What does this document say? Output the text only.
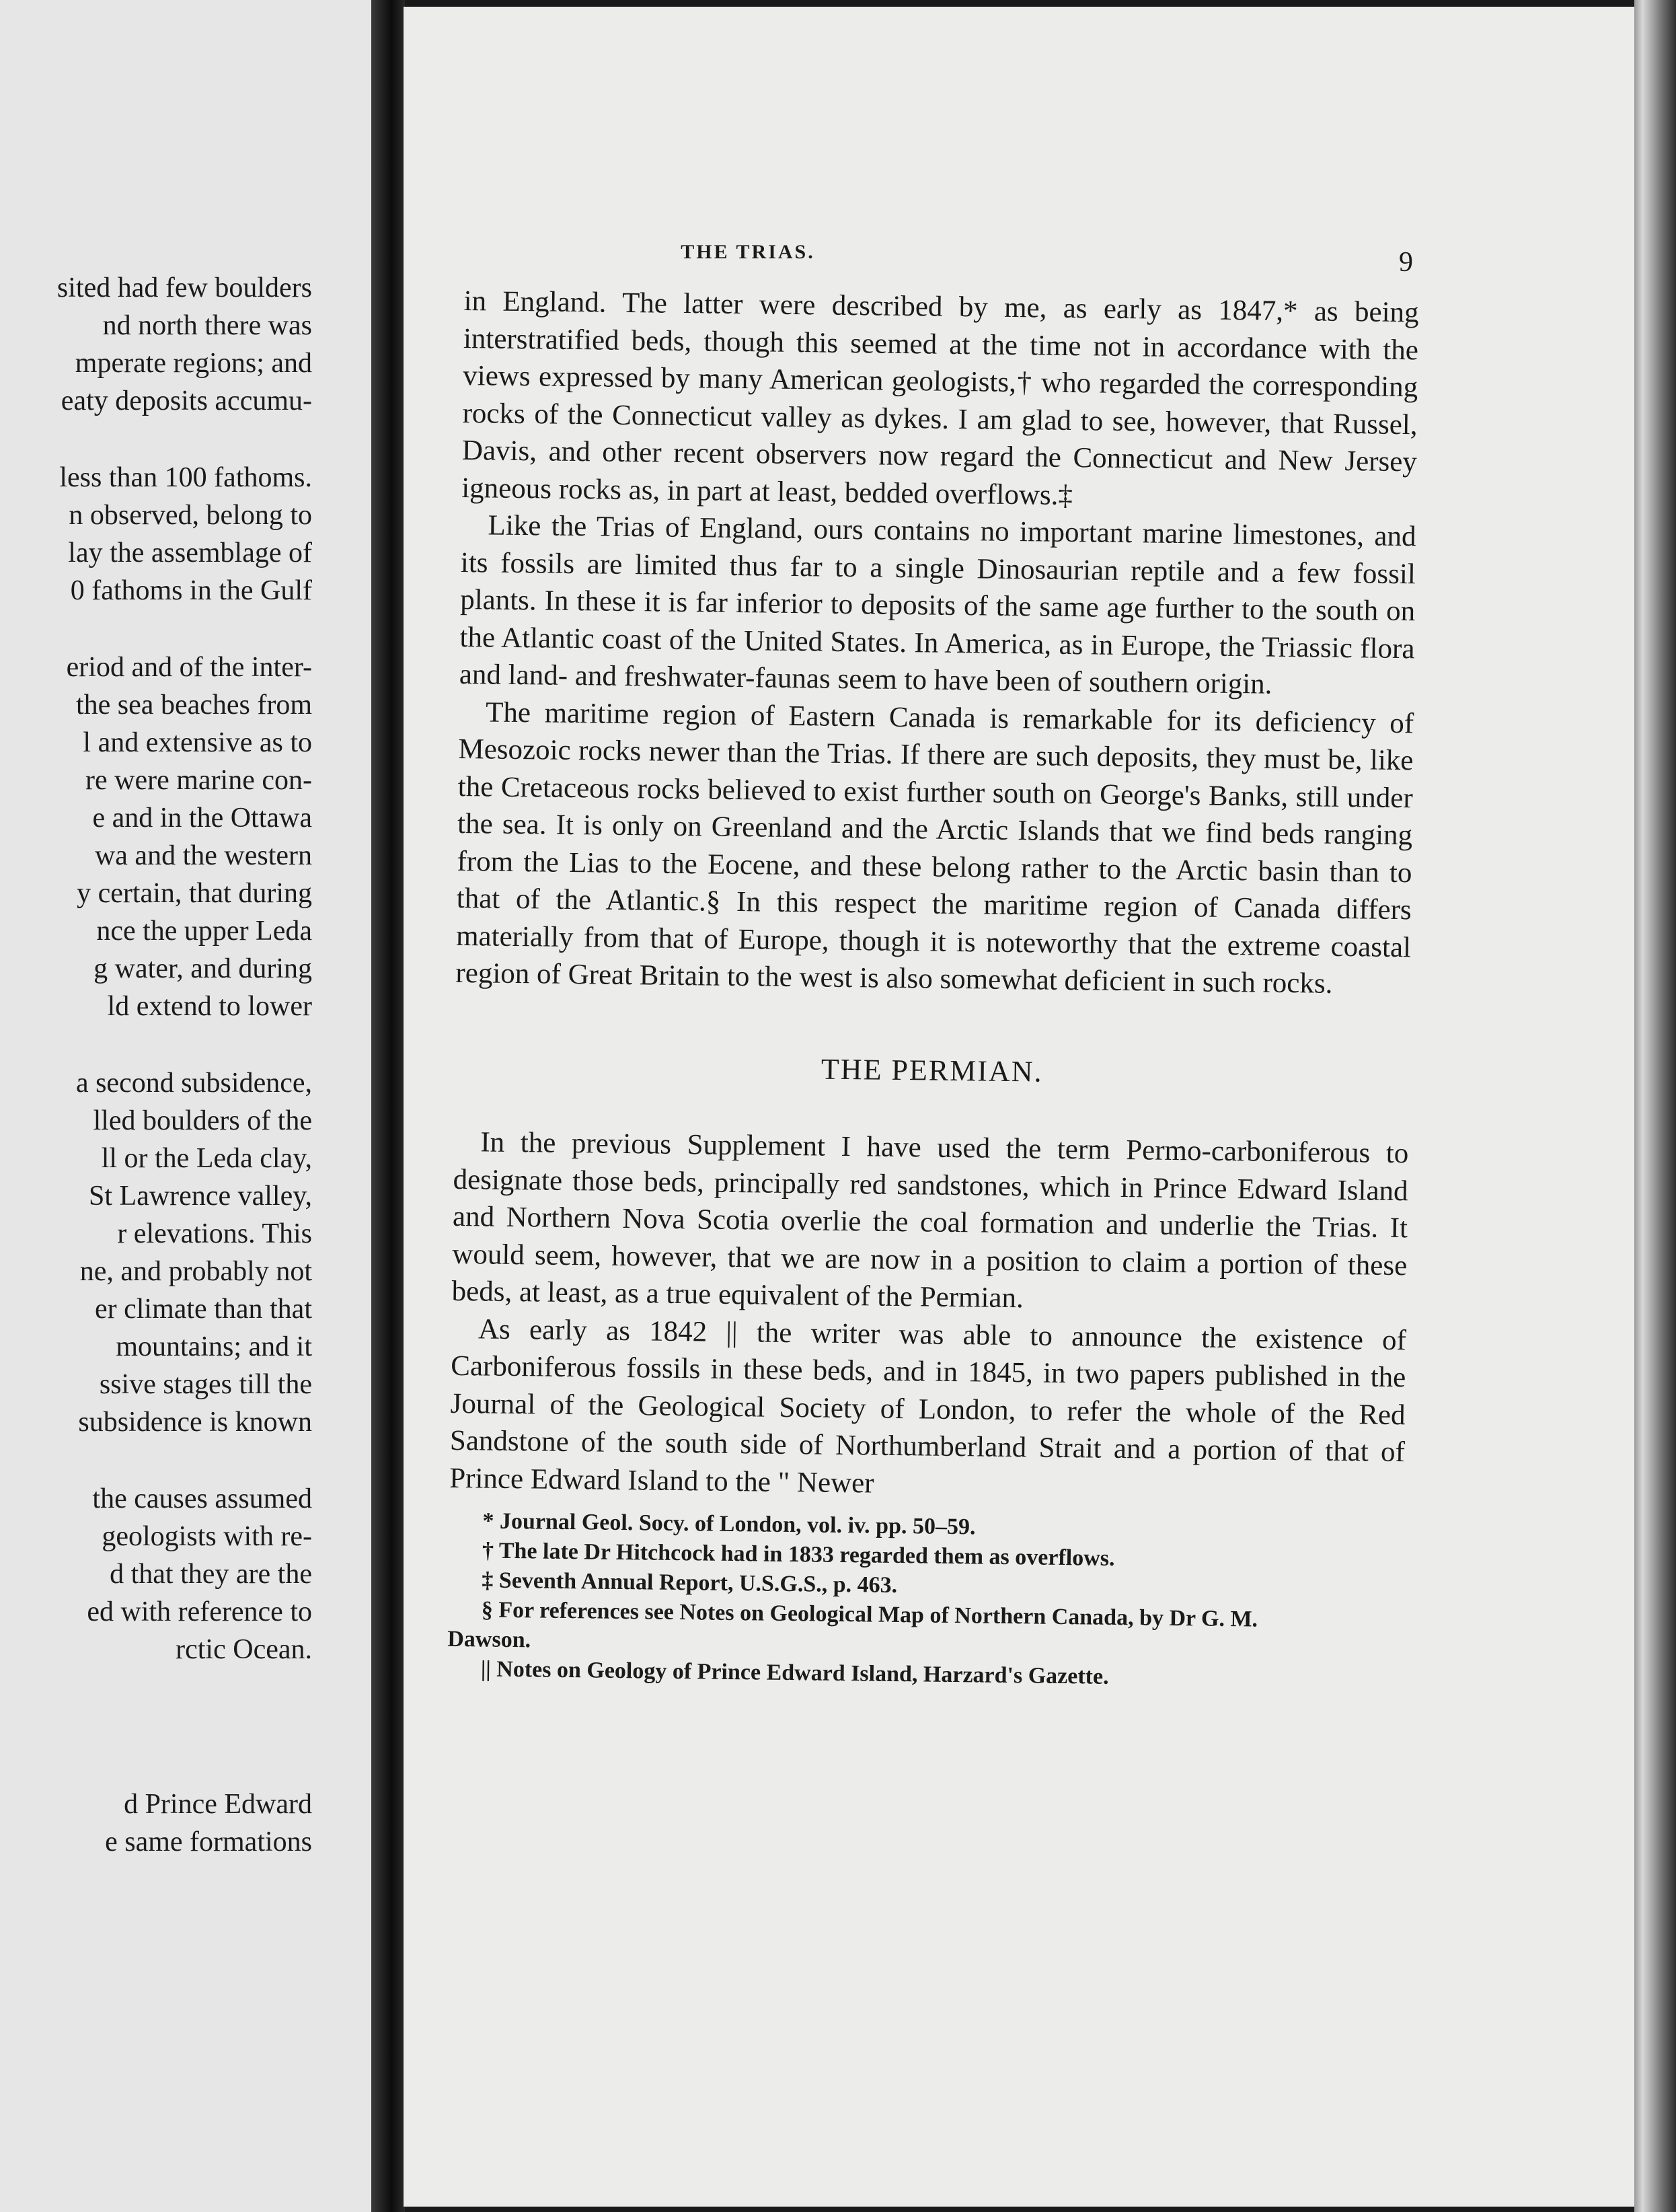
sited had few boulders
nd north there was
mperate regions; and
eaty deposits accumu-
less than 100 fathoms.
n observed, belong to
lay the assemblage of
0 fathoms in the Gulf
eriod and of the inter-
the sea beaches from
l and extensive as to
re were marine con-
e and in the Ottawa
wa and the western
y certain, that during
nce the upper Leda
g water, and during
ld extend to lower
a second subsidence,
lled boulders of the
ll or the Leda clay,
St Lawrence valley,
r elevations. This
ne, and probably not
er climate than that
mountains; and it
ssive stages till the
subsidence is known
the causes assumed
geologists with re-
d that they are the
ed with reference to
rctic Ocean.
d Prince Edward
e same formations
THE TRIAS.	9

in England. The latter were described by me, as early as 1847,* as being interstratified beds, though this seemed at the time not in accordance with the views expressed by many American geologists,† who regarded the corresponding rocks of the Connecticut valley as dykes. I am glad to see, however, that Russel, Davis, and other recent observers now regard the Connecticut and New Jersey igneous rocks as, in part at least, bedded overflows.‡

Like the Trias of England, ours contains no important marine limestones, and its fossils are limited thus far to a single Dinosaurian reptile and a few fossil plants. In these it is far inferior to deposits of the same age further to the south on the Atlantic coast of the United States. In America, as in Europe, the Triassic flora and land- and freshwater-faunas seem to have been of southern origin.

The maritime region of Eastern Canada is remarkable for its deficiency of Mesozoic rocks newer than the Trias. If there are such deposits, they must be, like the Cretaceous rocks believed to exist further south on George's Banks, still under the sea. It is only on Greenland and the Arctic Islands that we find beds ranging from the Lias to the Eocene, and these belong rather to the Arctic basin than to that of the Atlantic.§ In this respect the maritime region of Canada differs materially from that of Europe, though it is noteworthy that the extreme coastal region of Great Britain to the west is also somewhat deficient in such rocks.

THE PERMIAN.

In the previous Supplement I have used the term Permo-carboniferous to designate those beds, principally red sandstones, which in Prince Edward Island and Northern Nova Scotia overlie the coal formation and underlie the Trias. It would seem, however, that we are now in a position to claim a portion of these beds, at least, as a true equivalent of the Permian.

As early as 1842 || the writer was able to announce the existence of Carboniferous fossils in these beds, and in 1845, in two papers published in the Journal of the Geological Society of London, to refer the whole of the Red Sandstone of the south side of Northumberland Strait and a portion of that of Prince Edward Island to the " Newer

* Journal Geol. Socy. of London, vol. iv. pp. 50–59.
† The late Dr Hitchcock had in 1833 regarded them as overflows.
‡ Seventh Annual Report, U.S.G.S., p. 463.
§ For references see Notes on Geological Map of Northern Canada, by Dr G. M.
Dawson.
|| Notes on Geology of Prince Edward Island, Harzard's Gazette.
